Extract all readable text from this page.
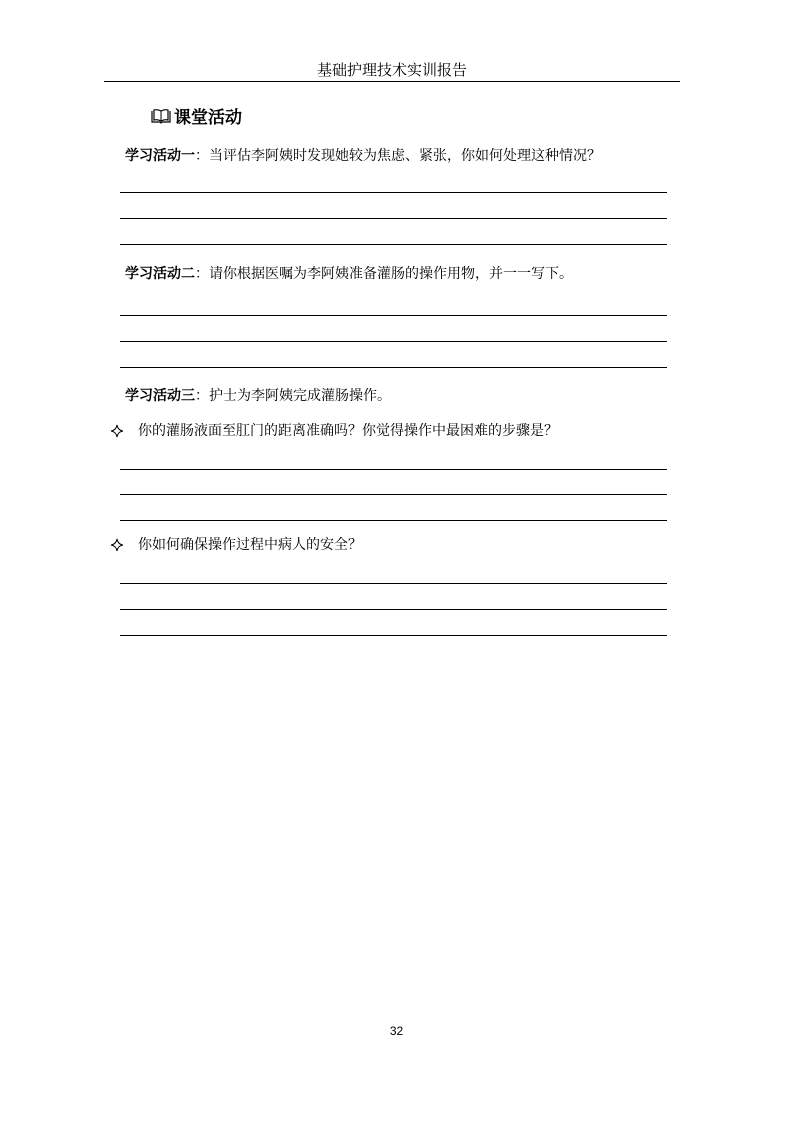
基础护理技术实训报告
课堂活动
学习活动一：当评估李阿姨时发现她较为焦虑、紧张，你如何处理这种情况？
学习活动二：请你根据医嘱为李阿姨准备灌肠的操作用物，并一一写下。
学习活动三：护士为李阿姨完成灌肠操作。
你的灌肠液面至肛门的距离准确吗？你觉得操作中最困难的步骤是？
你如何确保操作过程中病人的安全？
32
